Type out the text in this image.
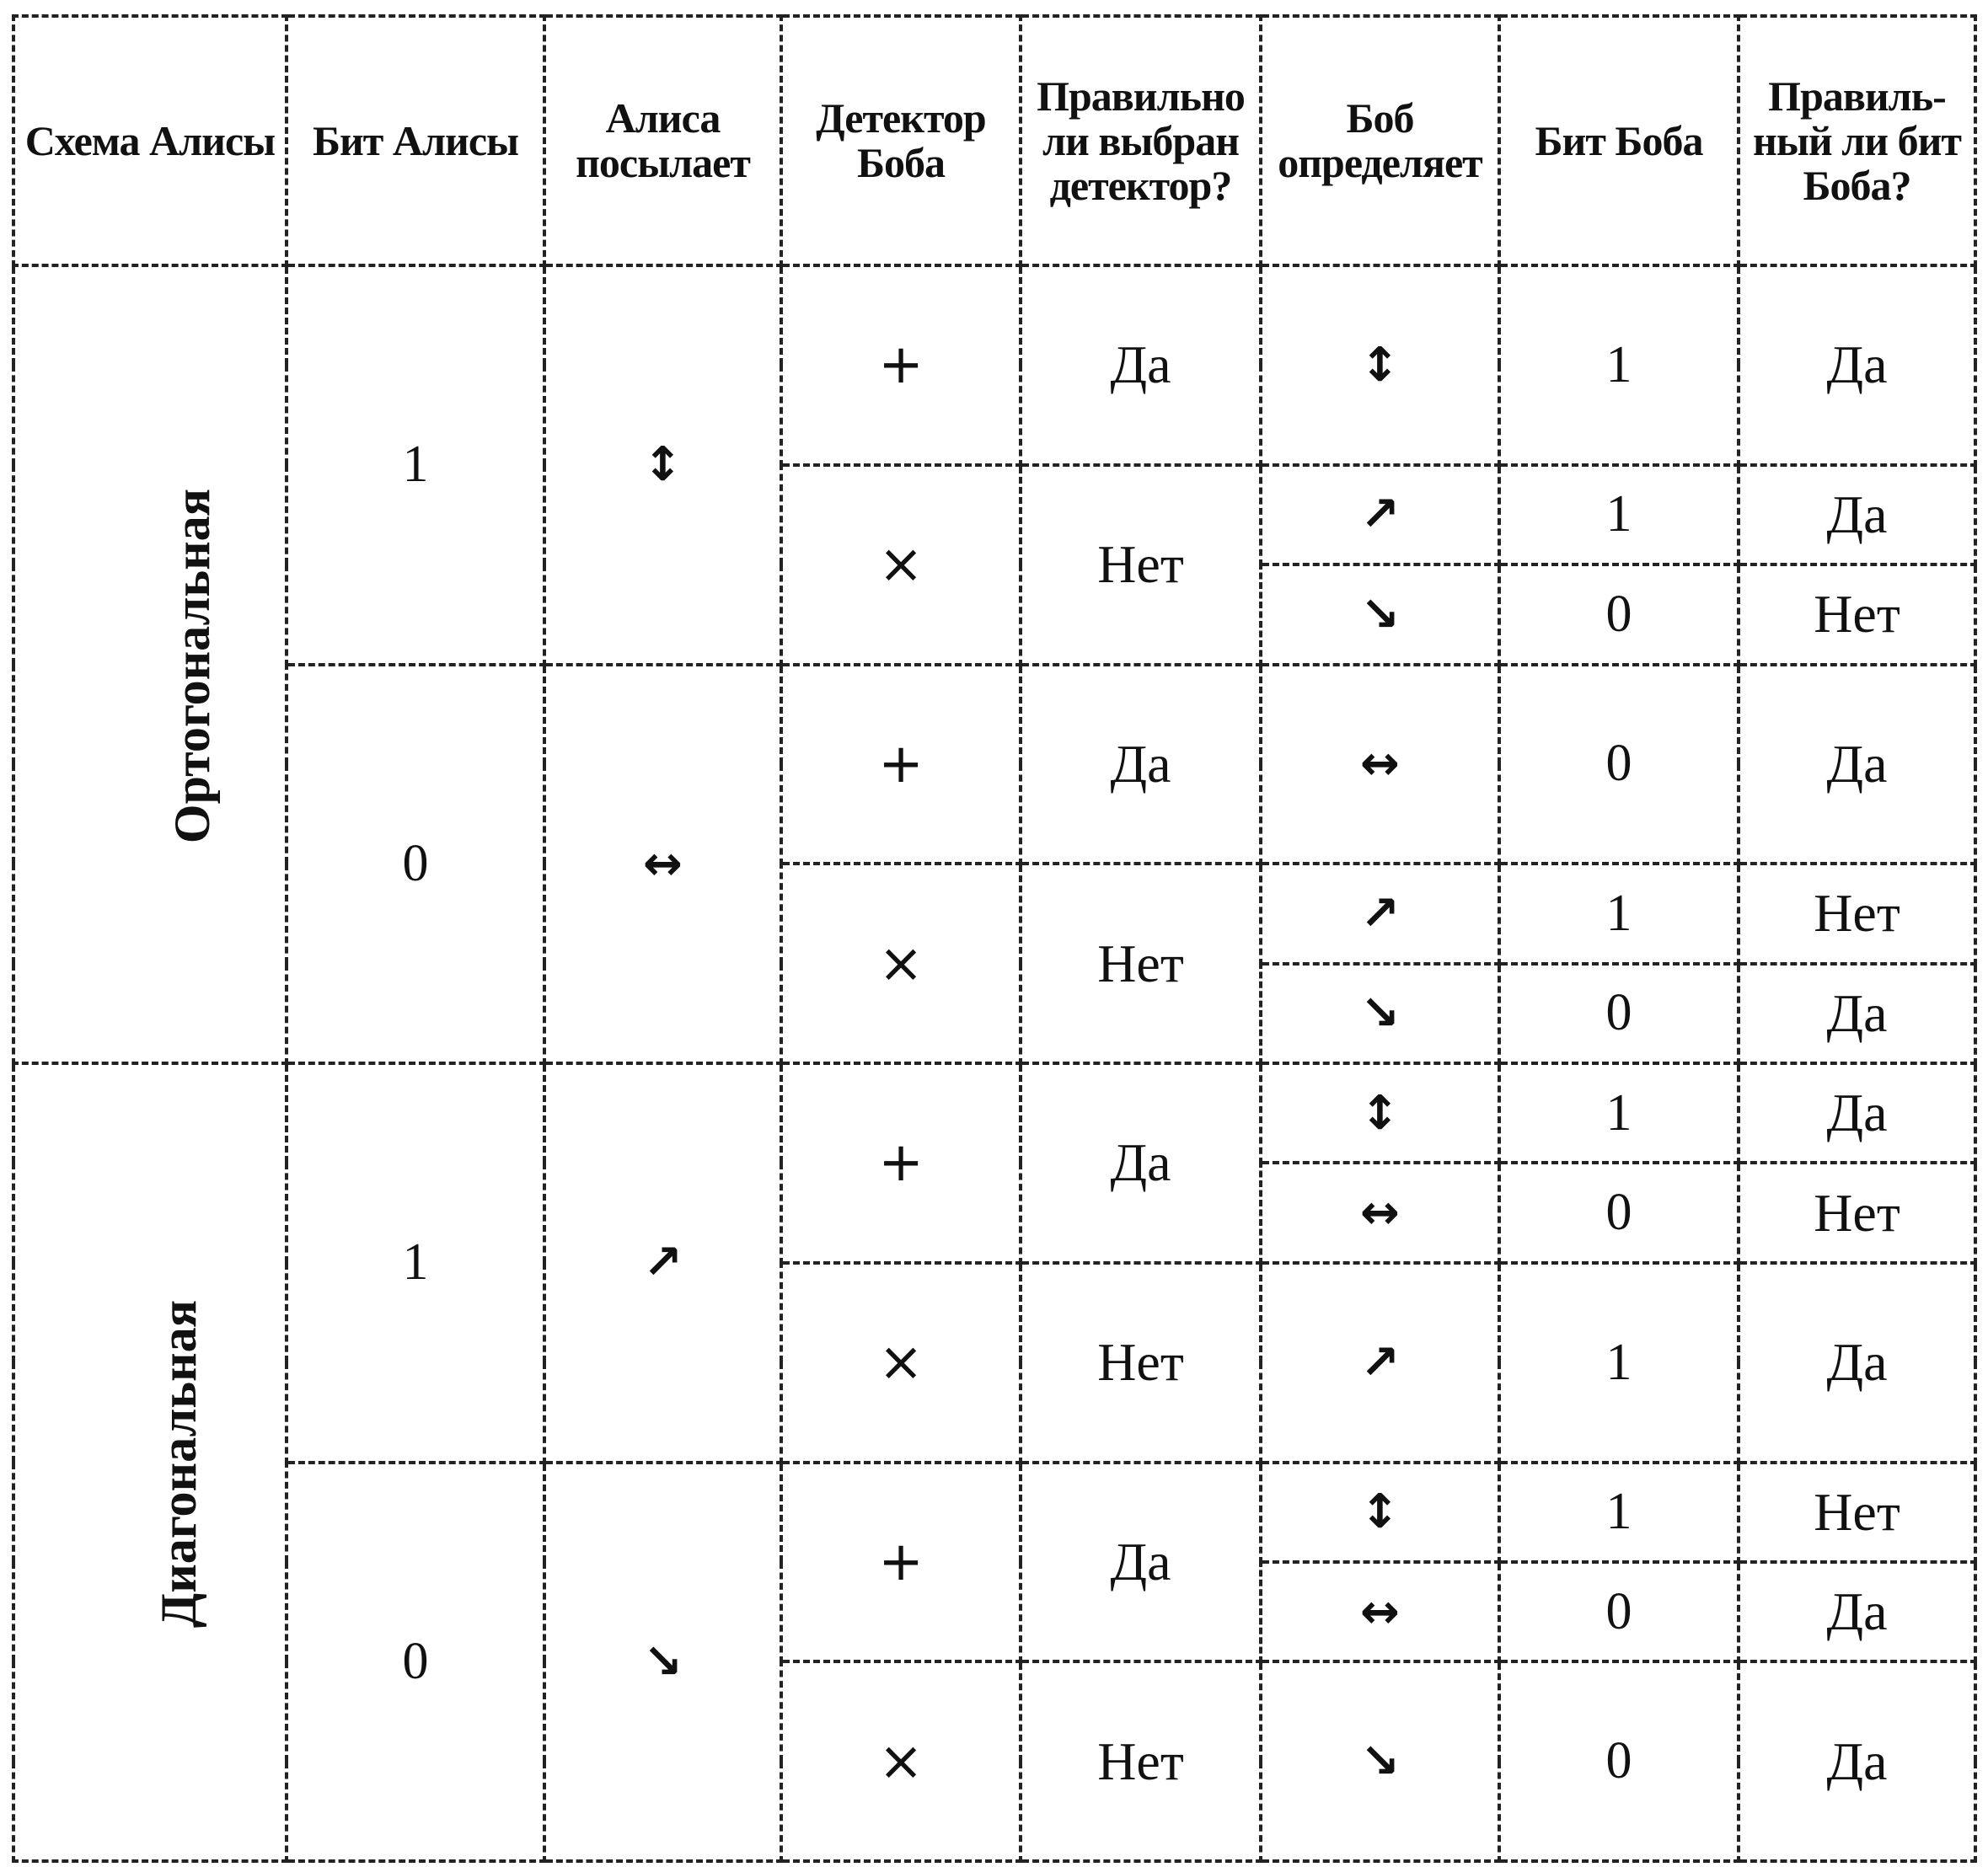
Схема Алисы	Бит Алисы	Алиса посылает	Детектор Боба	Правильно ли выбран детектор?	Боб определяет	Бит Боба	Правиль-ный ли бит Боба?
Ортогональная	1	↕	+	Да	↕	1	Да

			×	Нет	↗	1	Да
					↘	0	Нет
	0	↔	+	Да	↔	0	Да

			×	Нет	↗	1	Нет
					↘	0	Да
Диагональная	1	↗	+	Да	↕	1	Да
					↔	0	Нет
			×	Нет	↗	1	Да

	0	↘	+	Да	↕	1	Нет
					↔	0	Да
			×	Нет	↘	0	Да
